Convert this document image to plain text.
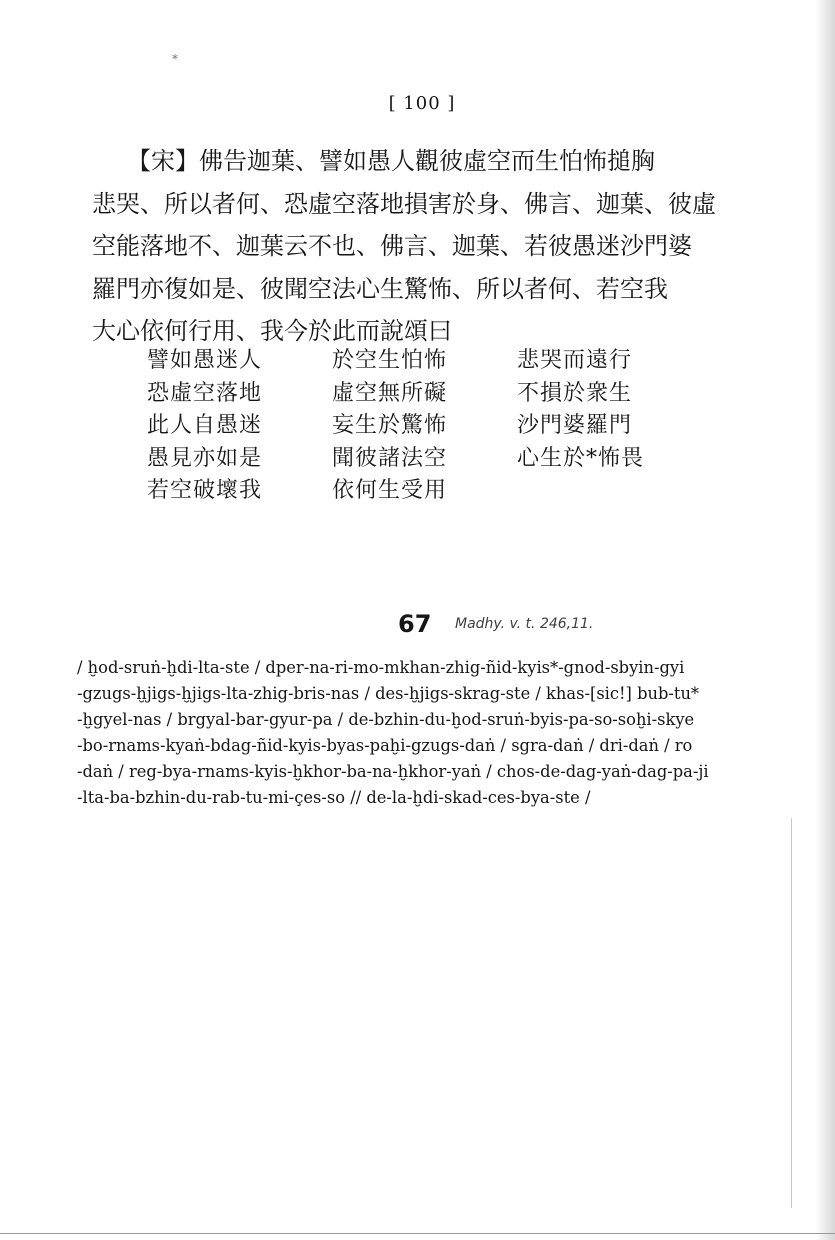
*
[ 100 ]
【宋】佛告迦葉、譬如愚人觀彼虛空而生怕怖搥胸
悲哭、所以者何、恐虛空落地損害於身、佛言、迦葉、彼虛
空能落地不、迦葉云不也、佛言、迦葉、若彼愚迷沙門婆
羅門亦復如是、彼聞空法心生驚怖、所以者何、若空我
大心依何行用、我今於此而說頌曰
譬如愚迷人
恐虛空落地
此人自愚迷
愚見亦如是
若空破壞我
於空生怕怖
虛空無所礙
妄生於驚怖
聞彼諸法空
依何生受用
悲哭而遠行
不損於衆生
沙門婆羅門
心生於*怖畏
67 Madhy. v. t. 246,11.
/ ḫod-sruṅ-ḫdi-lta-ste / dper-na-ri-mo-mkhan-zhig-ñid-kyis*-gnod-sbyin-gyi
-gzugs-ḫjigs-ḫjigs-lta-zhig-bris-nas / des-ḫjigs-skrag-ste / khas-[sic!] bub-tu*
-ḫgyel-nas / brgyal-bar-gyur-pa / de-bzhin-du-ḫod-sruṅ-byis-pa-so-soḫi-skye
-bo-rnams-kyaṅ-bdag-ñid-kyis-byas-paḫi-gzugs-daṅ / sgra-daṅ / dri-daṅ / ro
-daṅ / reg-bya-rnams-kyis-ḫkhor-ba-na-ḫkhor-yaṅ / chos-de-dag-yaṅ-dag-pa-ji
-lta-ba-bzhin-du-rab-tu-mi-çes-so // de-la-ḫdi-skad-ces-bya-ste /
